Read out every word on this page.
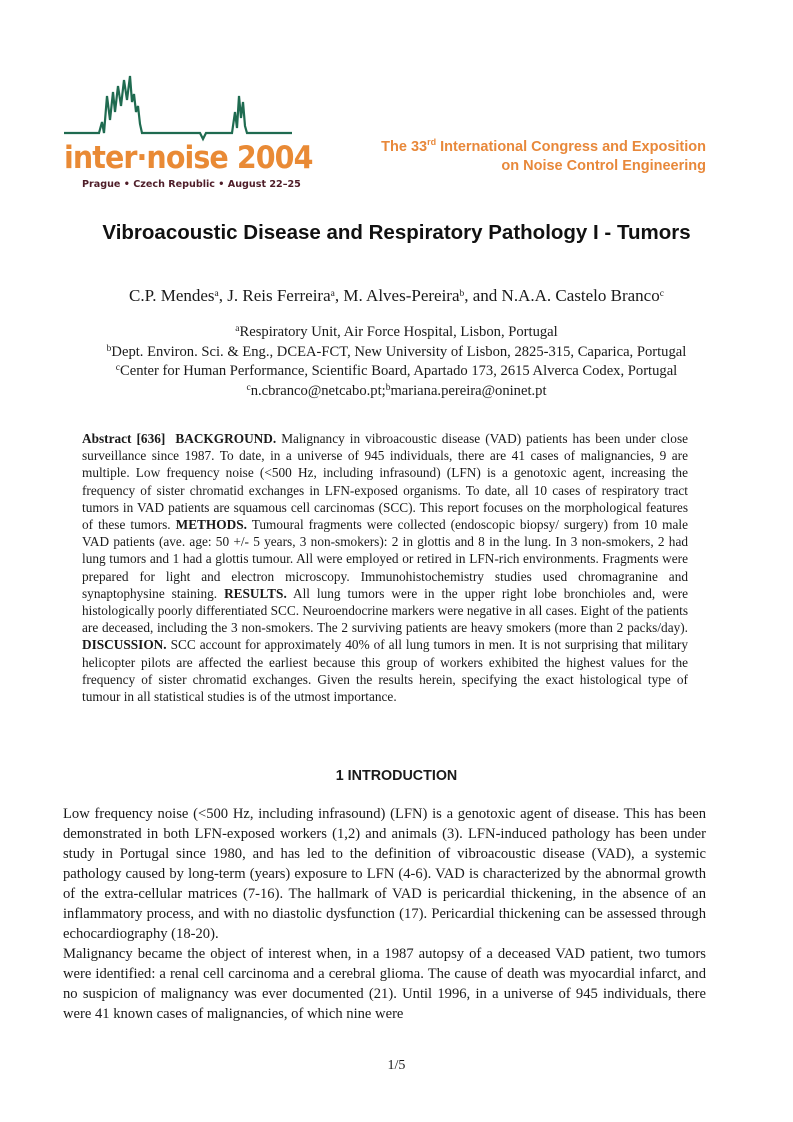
inter·noise 2004
Prague • Czech Republic • August 22–25
The 33rd International Congress and Exposition
on Noise Control Engineering
Vibroacoustic Disease and Respiratory Pathology I - Tumors
C.P. Mendes$^a$, J. Reis Ferreira$^a$, M. Alves-Pereira$^b$, and N.A.A. Castelo Branco$^c$
$^a$Respiratory Unit, Air Force Hospital, Lisbon, Portugal
$^b$Dept. Environ. Sci. & Eng., DCEA-FCT, New University of Lisbon, 2825-315, Caparica, Portugal
$^c$Center for Human Performance, Scientific Board, Apartado 173, 2615 Alverca Codex, Portugal
$^c$n.cbranco@netcabo.pt;$^b$mariana.pereira@oninet.pt

Abstract [636] BACKGROUND. Malignancy in vibroacoustic disease (VAD) patients has been under close surveillance since 1987. To date, in a universe of 945 individuals, there are 41 cases of malignancies, 9 are multiple. Low frequency noise (<500 Hz, including infrasound) (LFN) is a genotoxic agent, increasing the frequency of sister chromatid exchanges in LFN-exposed organisms. To date, all 10 cases of respiratory tract tumors in VAD patients are squamous cell carcinomas (SCC). This report focuses on the morphological features of these tumors. METHODS. Tumoural fragments were collected (endoscopic biopsy/ surgery) from 10 male VAD patients (ave. age: 50 +/- 5 years, 3 non-smokers): 2 in glottis and 8 in the lung. In 3 non-smokers, 2 had lung tumors and 1 had a glottis tumour. All were employed or retired in LFN-rich environments. Fragments were prepared for light and electron microscopy. Immunohistochemistry studies used chromagranine and synaptophysine staining. RESULTS. All lung tumors were in the upper right lobe bronchioles and, were histologically poorly differentiated SCC. Neuroendocrine markers were negative in all cases. Eight of the patients are deceased, including the 3 non-smokers. The 2 surviving patients are heavy smokers (more than 2 packs/day). DISCUSSION. SCC account for approximately 40% of all lung tumors in men. It is not surprising that military helicopter pilots are affected the earliest because this group of workers exhibited the highest values for the frequency of sister chromatid exchanges. Given the results herein, specifying the exact histological type of tumour in all statistical studies is of the utmost importance.

1 INTRODUCTION

Low frequency noise (<500 Hz, including infrasound) (LFN) is a genotoxic agent of disease. This has been demonstrated in both LFN-exposed workers (1,2) and animals (3). LFN-induced pathology has been under study in Portugal since 1980, and has led to the definition of vibroacoustic disease (VAD), a systemic pathology caused by long-term (years) exposure to LFN (4-6). VAD is characterized by the abnormal growth of the extra-cellular matrices (7-16). The hallmark of VAD is pericardial thickening, in the absence of an inflammatory process, and with no diastolic dysfunction (17). Pericardial thickening can be assessed through echocardiography (18-20).

Malignancy became the object of interest when, in a 1987 autopsy of a deceased VAD patient, two tumors were identified: a renal cell carcinoma and a cerebral glioma. The cause of death was myocardial infarct, and no suspicion of malignancy was ever documented (21). Until 1996, in a universe of 945 individuals, there were 41 known cases of malignancies, of which nine were

1/5
